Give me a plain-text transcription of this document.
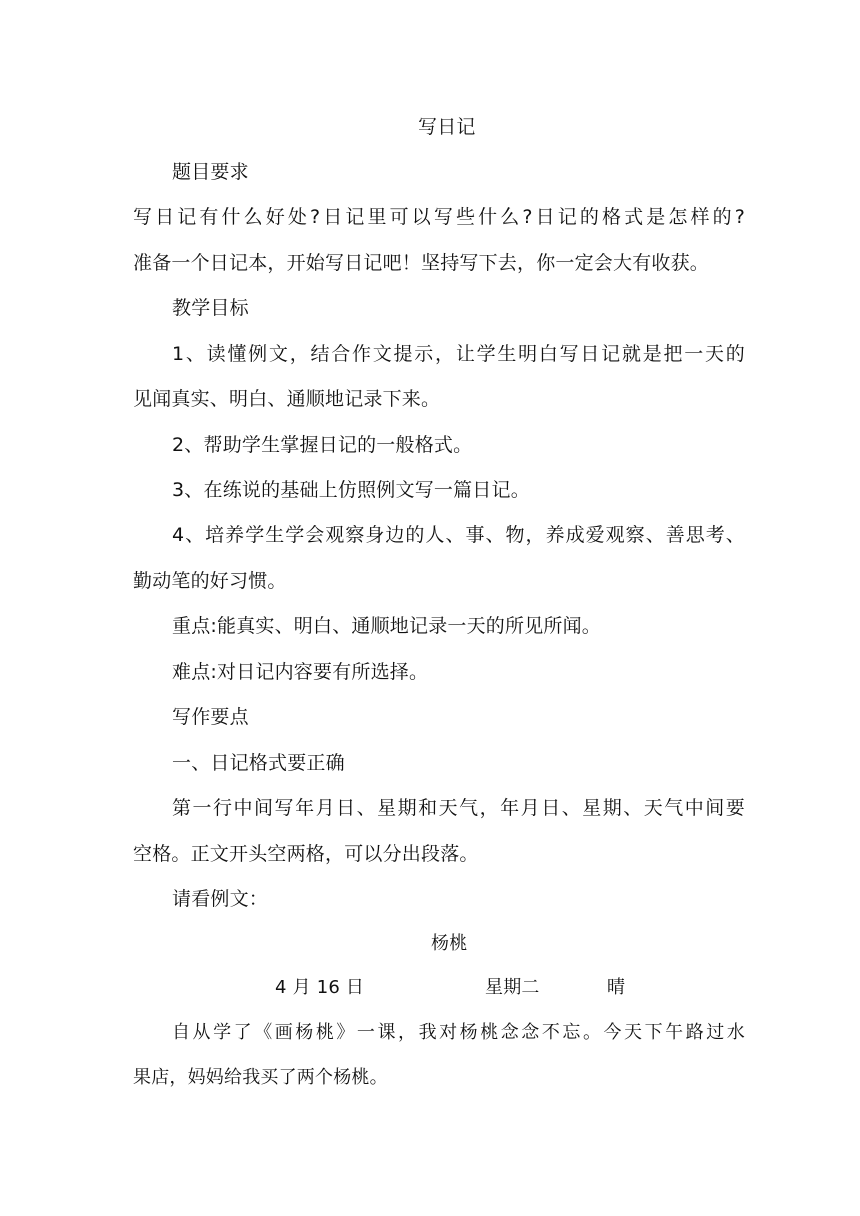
写日记
题目要求
写日记有什么好处?日记里可以写些什么?日记的格式是怎样的?
准备一个日记本，开始写日记吧！坚持写下去，你一定会大有收获。
教学目标
1、读懂例文，结合作文提示，让学生明白写日记就是把一天的
见闻真实、明白、通顺地记录下来。
2、帮助学生掌握日记的一般格式。
3、在练说的基础上仿照例文写一篇日记。
4、培养学生学会观察身边的人、事、物，养成爱观察、善思考、
勤动笔的好习惯。
重点:能真实、明白、通顺地记录一天的所见所闻。
难点:对日记内容要有所选择。
写作要点
一、日记格式要正确
第一行中间写年月日、星期和天气，年月日、星期、天气中间要
空格。正文开头空两格，可以分出段落。
请看例文：
杨桃
4 月 16 日	星期二	晴
自从学了《画杨桃》一课，我对杨桃念念不忘。今天下午路过水
果店，妈妈给我买了两个杨桃。
